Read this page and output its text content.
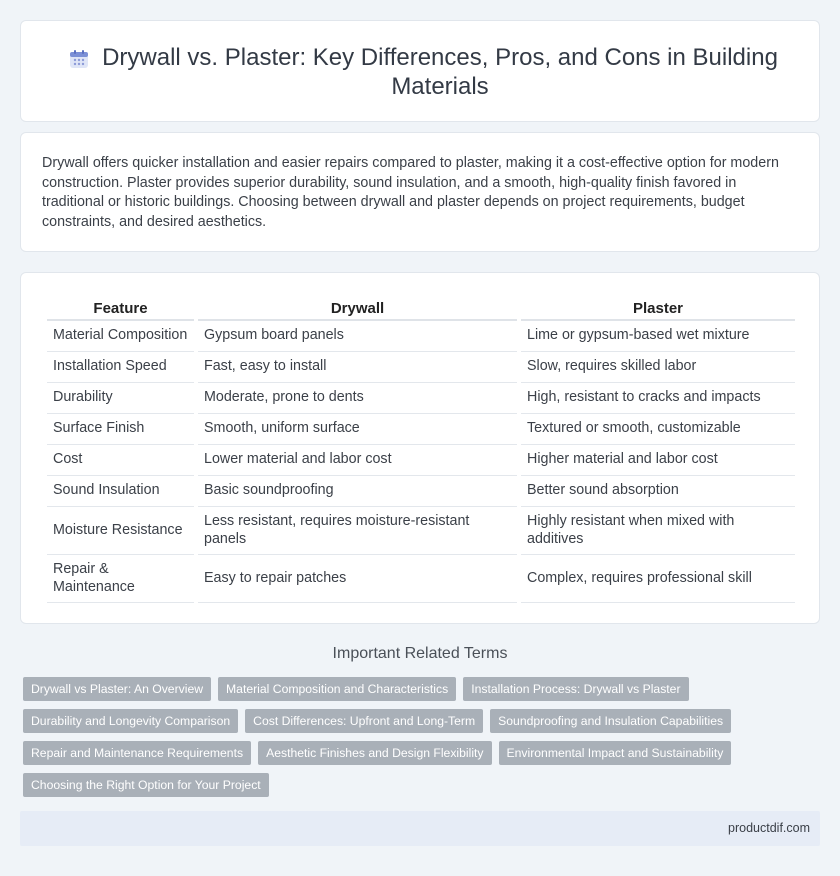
Drywall vs. Plaster: Key Differences, Pros, and Cons in Building Materials

Drywall offers quicker installation and easier repairs compared to plaster, making it a cost-effective option for modern construction. Plaster provides superior durability, sound insulation, and a smooth, high-quality finish favored in traditional or historic buildings. Choosing between drywall and plaster depends on project requirements, budget constraints, and desired aesthetics.

Feature	Drywall	Plaster
Material Composition	Gypsum board panels	Lime or gypsum-based wet mixture
Installation Speed	Fast, easy to install	Slow, requires skilled labor
Durability	Moderate, prone to dents	High, resistant to cracks and impacts
Surface Finish	Smooth, uniform surface	Textured or smooth, customizable
Cost	Lower material and labor cost	Higher material and labor cost
Sound Insulation	Basic soundproofing	Better sound absorption
Moisture Resistance	Less resistant, requires moisture-resistant panels	Highly resistant when mixed with additives
Repair & Maintenance	Easy to repair patches	Complex, requires professional skill
Important Related Terms
Drywall vs Plaster: An Overview	Material Composition and Characteristics	Installation Process: Drywall vs Plaster
Durability and Longevity Comparison	Cost Differences: Upfront and Long-Term	Soundproofing and Insulation Capabilities
Repair and Maintenance Requirements	Aesthetic Finishes and Design Flexibility	Environmental Impact and Sustainability
Choosing the Right Option for Your Project
productdif.com
